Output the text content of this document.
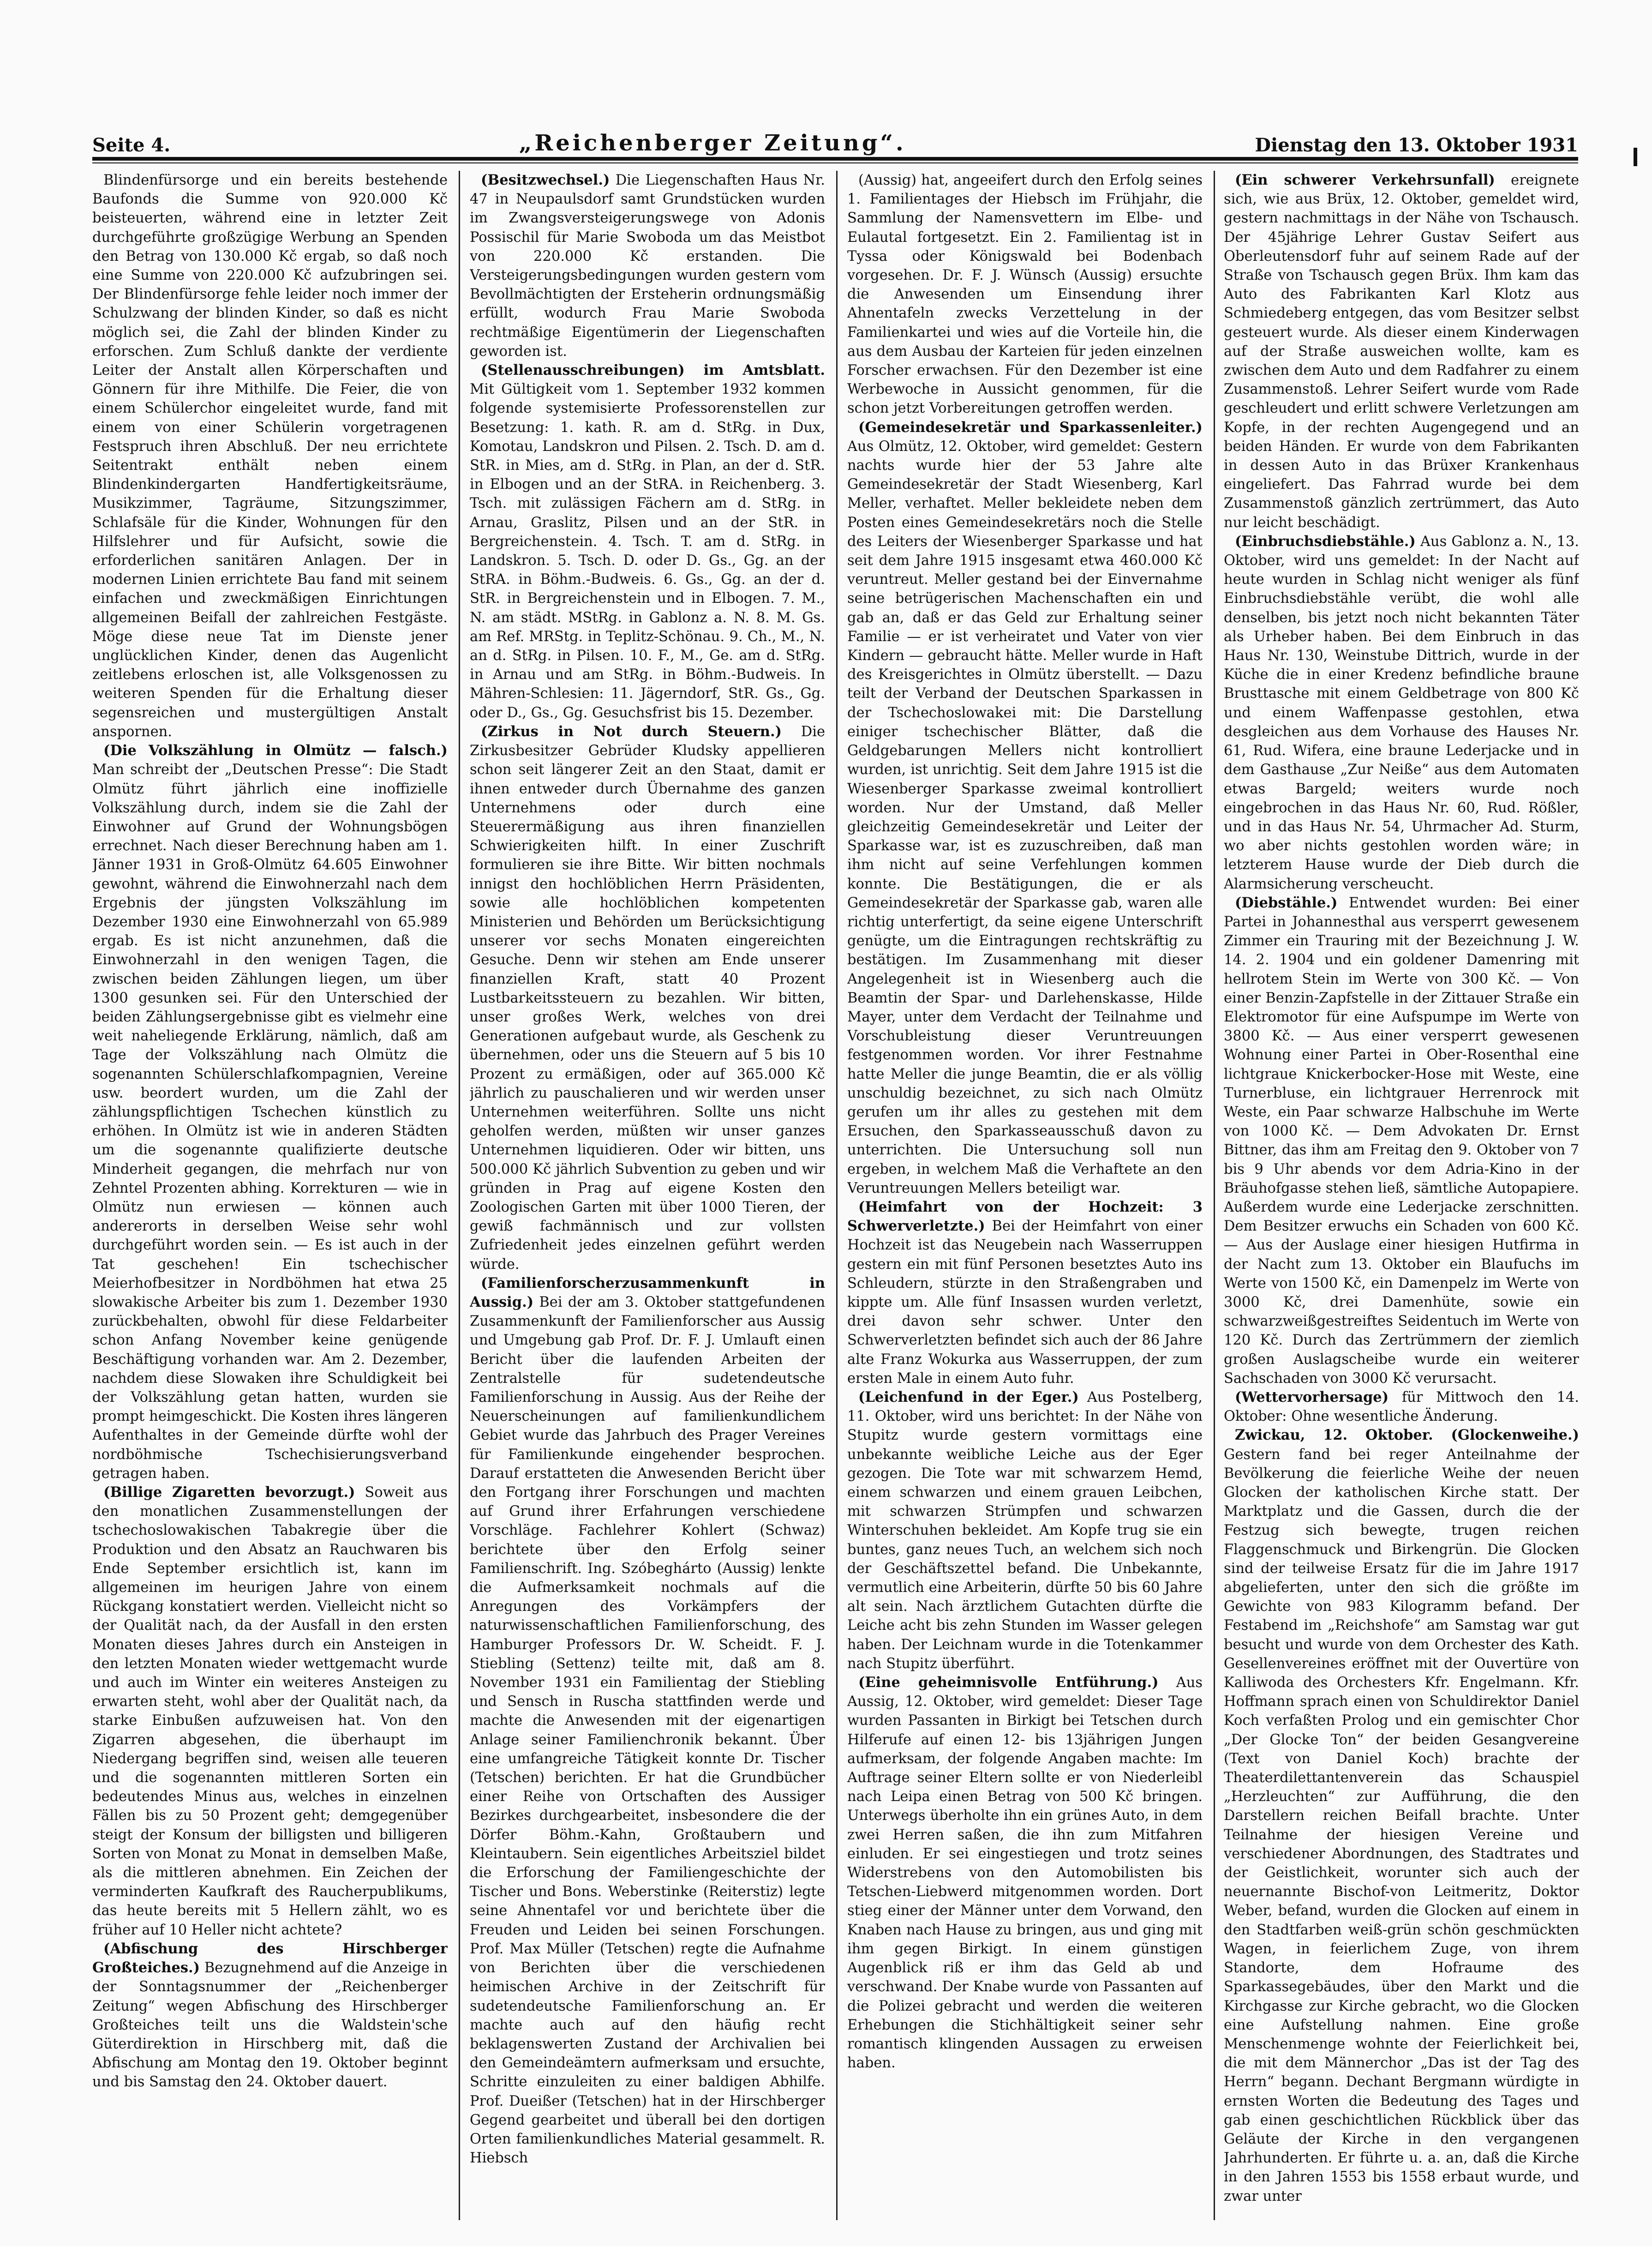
Seite 4.	„Reichenberger Zeitung“.	Dienstag den 13. Oktober 1931

Blindenfürsorge und ein bereits bestehende Baufonds die Summe von 920.000 Kč beisteuerten, während eine in letzter Zeit durchgeführte großzügige Werbung an Spenden den Betrag von 130.000 Kč ergab, so daß noch eine Summe von 220.000 Kč aufzubringen sei. Der Blindenfürsorge fehle leider noch immer der Schulzwang der blinden Kinder, so daß es nicht möglich sei, die Zahl der blinden Kinder zu erforschen. Zum Schluß dankte der verdiente Leiter der Anstalt allen Körperschaften und Gönnern für ihre Mithilfe. Die Feier, die von einem Schülerchor eingeleitet wurde, fand mit einem von einer Schülerin vorgetragenen Festspruch ihren Abschluß. Der neu errichtete Seitentrakt enthält neben einem Blindenkindergarten Handfertigkeitsräume, Musikzimmer, Tagräume, Sitzungszimmer, Schlafsäle für die Kinder, Wohnungen für den Hilfslehrer und für Aufsicht, sowie die erforderlichen sanitären Anlagen. Der in modernen Linien errichtete Bau fand mit seinem einfachen und zweckmäßigen Einrichtungen allgemeinen Beifall der zahlreichen Festgäste. Möge diese neue Tat im Dienste jener unglücklichen Kinder, denen das Augenlicht zeitlebens erloschen ist, alle Volksgenossen zu weiteren Spenden für die Erhaltung dieser segensreichen und mustergültigen Anstalt anspornen.

(Die Volkszählung in Olmütz — falsch.) Man schreibt der „Deutschen Presse“: Die Stadt Olmütz führt jährlich eine inoffizielle Volkszählung durch, indem sie die Zahl der Einwohner auf Grund der Wohnungsbögen errechnet. Nach dieser Berechnung haben am 1. Jänner 1931 in Groß-Olmütz 64.605 Einwohner gewohnt, während die Einwohnerzahl nach dem Ergebnis der jüngsten Volkszählung im Dezember 1930 eine Einwohnerzahl von 65.989 ergab. Es ist nicht anzunehmen, daß die Einwohnerzahl in den wenigen Tagen, die zwischen beiden Zählungen liegen, um über 1300 gesunken sei. Für den Unterschied der beiden Zählungsergebnisse gibt es vielmehr eine weit naheliegende Erklärung, nämlich, daß am Tage der Volkszählung nach Olmütz die sogenannten Schülerschlafkompagnien, Vereine usw. beordert wurden, um die Zahl der zählungspflichtigen Tschechen künstlich zu erhöhen. In Olmütz ist wie in anderen Städten um die sogenannte qualifizierte deutsche Minderheit gegangen, die mehrfach nur von Zehntel Prozenten abhing. Korrekturen — wie in Olmütz nun erwiesen — können auch andererorts in derselben Weise sehr wohl durchgeführt worden sein. — Es ist auch in der Tat geschehen! Ein tschechischer Meierhofbesitzer in Nordböhmen hat etwa 25 slowakische Arbeiter bis zum 1. Dezember 1930 zurückbehalten, obwohl für diese Feldarbeiter schon Anfang November keine genügende Beschäftigung vorhanden war. Am 2. Dezember, nachdem diese Slowaken ihre Schuldigkeit bei der Volkszählung getan hatten, wurden sie prompt heimgeschickt. Die Kosten ihres längeren Aufenthaltes in der Gemeinde dürfte wohl der nordböhmische Tschechisierungsverband getragen haben.

(Billige Zigaretten bevorzugt.) Soweit aus den monatlichen Zusammenstellungen der tschechoslowakischen Tabakregie über die Produktion und den Absatz an Rauchwaren bis Ende September ersichtlich ist, kann im allgemeinen im heurigen Jahre von einem Rückgang konstatiert werden. Vielleicht nicht so der Qualität nach, da der Ausfall in den ersten Monaten dieses Jahres durch ein Ansteigen in den letzten Monaten wieder wettgemacht wurde und auch im Winter ein weiteres Ansteigen zu erwarten steht, wohl aber der Qualität nach, da starke Einbußen aufzuweisen hat. Von den Zigarren abgesehen, die überhaupt im Niedergang begriffen sind, weisen alle teueren und die sogenannten mittleren Sorten ein bedeutendes Minus aus, welches in einzelnen Fällen bis zu 50 Prozent geht; demgegenüber steigt der Konsum der billigsten und billigeren Sorten von Monat zu Monat in demselben Maße, als die mittleren abnehmen. Ein Zeichen der verminderten Kaufkraft des Raucherpublikums, das heute bereits mit 5 Hellern zählt, wo es früher auf 10 Heller nicht achtete?

(Abfischung des Hirschberger Großteiches.) Bezugnehmend auf die Anzeige in der Sonntagsnummer der „Reichenberger Zeitung“ wegen Abfischung des Hirschberger Großteiches teilt uns die Waldstein'sche Güterdirektion in Hirschberg mit, daß die Abfischung am Montag den 19. Oktober beginnt und bis Samstag den 24. Oktober dauert.

(Besitzwechsel.) Die Liegenschaften Haus Nr. 47 in Neupaulsdorf samt Grundstücken wurden im Zwangsversteigerungswege von Adonis Possischil für Marie Swoboda um das Meistbot von 220.000 Kč erstanden. Die Versteigerungsbedingungen wurden gestern vom Bevollmächtigten der Ersteherin ordnungsmäßig erfüllt, wodurch Frau Marie Swoboda rechtmäßige Eigentümerin der Liegenschaften geworden ist.

(Stellenausschreibungen) im Amtsblatt. Mit Gültigkeit vom 1. September 1932 kommen folgende systemisierte Professorenstellen zur Besetzung: 1. kath. R. am d. StRg. in Dux, Komotau, Landskron und Pilsen. 2. Tsch. D. am d. StR. in Mies, am d. StRg. in Plan, an der d. StR. in Elbogen und an der StRA. in Reichenberg. 3. Tsch. mit zulässigen Fächern am d. StRg. in Arnau, Graslitz, Pilsen und an der StR. in Bergreichenstein. 4. Tsch. T. am d. StRg. in Landskron. 5. Tsch. D. oder D. Gs., Gg. an der StRA. in Böhm.-Budweis. 6. Gs., Gg. an der d. StR. in Bergreichenstein und in Elbogen. 7. M., N. am städt. MStRg. in Gablonz a. N. 8. M. Gs. am Ref. MRStg. in Teplitz-Schönau. 9. Ch., M., N. an d. StRg. in Pilsen. 10. F., M., Ge. am d. StRg. in Arnau und am StRg. in Böhm.-Budweis. In Mähren-Schlesien: 11. Jägerndorf, StR. Gs., Gg. oder D., Gs., Gg. Gesuchsfrist bis 15. Dezember.

(Zirkus in Not durch Steuern.) Die Zirkusbesitzer Gebrüder Kludsky appellieren schon seit längerer Zeit an den Staat, damit er ihnen entweder durch Übernahme des ganzen Unternehmens oder durch eine Steuerermäßigung aus ihren finanziellen Schwierigkeiten hilft. In einer Zuschrift formulieren sie ihre Bitte. Wir bitten nochmals innigst den hochlöblichen Herrn Präsidenten, sowie alle hochlöblichen kompetenten Ministerien und Behörden um Berücksichtigung unserer vor sechs Monaten eingereichten Gesuche. Denn wir stehen am Ende unserer finanziellen Kraft, statt 40 Prozent Lustbarkeitssteuern zu bezahlen. Wir bitten, unser großes Werk, welches von drei Generationen aufgebaut wurde, als Geschenk zu übernehmen, oder uns die Steuern auf 5 bis 10 Prozent zu ermäßigen, oder auf 365.000 Kč jährlich zu pauschalieren und wir werden unser Unternehmen weiterführen. Sollte uns nicht geholfen werden, müßten wir unser ganzes Unternehmen liquidieren. Oder wir bitten, uns 500.000 Kč jährlich Subvention zu geben und wir gründen in Prag auf eigene Kosten den Zoologischen Garten mit über 1000 Tieren, der gewiß fachmännisch und zur vollsten Zufriedenheit jedes einzelnen geführt werden würde.

(Familienforscherzusammenkunft in Aussig.) Bei der am 3. Oktober stattgefundenen Zusammenkunft der Familienforscher aus Aussig und Umgebung gab Prof. Dr. F. J. Umlauft einen Bericht über die laufenden Arbeiten der Zentralstelle für sudetendeutsche Familienforschung in Aussig. Aus der Reihe der Neuerscheinungen auf familienkundlichem Gebiet wurde das Jahrbuch des Prager Vereines für Familienkunde eingehender besprochen. Darauf erstatteten die Anwesenden Bericht über den Fortgang ihrer Forschungen und machten auf Grund ihrer Erfahrungen verschiedene Vorschläge. Fachlehrer Kohlert (Schwaz) berichtete über den Erfolg seiner Familienschrift. Ing. Szóbeghárto (Aussig) lenkte die Aufmerksamkeit nochmals auf die Anregungen des Vorkämpfers der naturwissenschaftlichen Familienforschung, des Hamburger Professors Dr. W. Scheidt. F. J. Stiebling (Settenz) teilte mit, daß am 8. November 1931 ein Familientag der Stiebling und Sensch in Ruscha stattfinden werde und machte die Anwesenden mit der eigenartigen Anlage seiner Familienchronik bekannt. Über eine umfangreiche Tätigkeit konnte Dr. Tischer (Tetschen) berichten. Er hat die Grundbücher einer Reihe von Ortschaften des Aussiger Bezirkes durchgearbeitet, insbesondere die der Dörfer Böhm.-Kahn, Großtaubern und Kleintaubern. Sein eigentliches Arbeitsziel bildet die Erforschung der Familiengeschichte der Tischer und Bons. Weberstinke (Reiterstiz) legte seine Ahnentafel vor und berichtete über die Freuden und Leiden bei seinen Forschungen. Prof. Max Müller (Tetschen) regte die Aufnahme von Berichten über die verschiedenen heimischen Archive in der Zeitschrift für sudetendeutsche Familienforschung an. Er machte auch auf den häufig recht beklagenswerten Zustand der Archivalien bei den Gemeindeämtern aufmerksam und ersuchte, Schritte einzuleiten zu einer baldigen Abhilfe. Prof. Dueißer (Tetschen) hat in der Hirschberger Gegend gearbeitet und überall bei den dortigen Orten familienkundliches Material gesammelt. R. Hiebsch

(Aussig) hat, angeeifert durch den Erfolg seines 1. Familientages der Hiebsch im Frühjahr, die Sammlung der Namensvettern im Elbe- und Eulautal fortgesetzt. Ein 2. Familientag ist in Tyssa oder Königswald bei Bodenbach vorgesehen. Dr. F. J. Wünsch (Aussig) ersuchte die Anwesenden um Einsendung ihrer Ahnentafeln zwecks Verzettelung in der Familienkartei und wies auf die Vorteile hin, die aus dem Ausbau der Karteien für jeden einzelnen Forscher erwachsen. Für den Dezember ist eine Werbewoche in Aussicht genommen, für die schon jetzt Vorbereitungen getroffen werden.

(Gemeindesekretär und Sparkassenleiter.) Aus Olmütz, 12. Oktober, wird gemeldet: Gestern nachts wurde hier der 53 Jahre alte Gemeindesekretär der Stadt Wiesenberg, Karl Meller, verhaftet. Meller bekleidete neben dem Posten eines Gemeindesekretärs noch die Stelle des Leiters der Wiesenberger Sparkasse und hat seit dem Jahre 1915 insgesamt etwa 460.000 Kč veruntreut. Meller gestand bei der Einvernahme seine betrügerischen Machenschaften ein und gab an, daß er das Geld zur Erhaltung seiner Familie — er ist verheiratet und Vater von vier Kindern — gebraucht hätte. Meller wurde in Haft des Kreisgerichtes in Olmütz überstellt. — Dazu teilt der Verband der Deutschen Sparkassen in der Tschechoslowakei mit: Die Darstellung einiger tschechischer Blätter, daß die Geldgebarungen Mellers nicht kontrolliert wurden, ist unrichtig. Seit dem Jahre 1915 ist die Wiesenberger Sparkasse zweimal kontrolliert worden. Nur der Umstand, daß Meller gleichzeitig Gemeindesekretär und Leiter der Sparkasse war, ist es zuzuschreiben, daß man ihm nicht auf seine Verfehlungen kommen konnte. Die Bestätigungen, die er als Gemeindesekretär der Sparkasse gab, waren alle richtig unterfertigt, da seine eigene Unterschrift genügte, um die Eintragungen rechtskräftig zu bestätigen. Im Zusammenhang mit dieser Angelegenheit ist in Wiesenberg auch die Beamtin der Spar- und Darlehenskasse, Hilde Mayer, unter dem Verdacht der Teilnahme und Vorschubleistung dieser Veruntreuungen festgenommen worden. Vor ihrer Festnahme hatte Meller die junge Beamtin, die er als völlig unschuldig bezeichnet, zu sich nach Olmütz gerufen um ihr alles zu gestehen mit dem Ersuchen, den Sparkasseausschuß davon zu unterrichten. Die Untersuchung soll nun ergeben, in welchem Maß die Verhaftete an den Veruntreuungen Mellers beteiligt war.

(Heimfahrt von der Hochzeit: 3 Schwerverletzte.) Bei der Heimfahrt von einer Hochzeit ist das Neugebein nach Wasserruppen gestern ein mit fünf Personen besetztes Auto ins Schleudern, stürzte in den Straßengraben und kippte um. Alle fünf Insassen wurden verletzt, drei davon sehr schwer. Unter den Schwerverletzten befindet sich auch der 86 Jahre alte Franz Wokurka aus Wasserruppen, der zum ersten Male in einem Auto fuhr.

(Leichenfund in der Eger.) Aus Postelberg, 11. Oktober, wird uns berichtet: In der Nähe von Stupitz wurde gestern vormittags eine unbekannte weibliche Leiche aus der Eger gezogen. Die Tote war mit schwarzem Hemd, einem schwarzen und einem grauen Leibchen, mit schwarzen Strümpfen und schwarzen Winterschuhen bekleidet. Am Kopfe trug sie ein buntes, ganz neues Tuch, an welchem sich noch der Geschäftszettel befand. Die Unbekannte, vermutlich eine Arbeiterin, dürfte 50 bis 60 Jahre alt sein. Nach ärztlichem Gutachten dürfte die Leiche acht bis zehn Stunden im Wasser gelegen haben. Der Leichnam wurde in die Totenkammer nach Stupitz überführt.

(Eine geheimnisvolle Entführung.) Aus Aussig, 12. Oktober, wird gemeldet: Dieser Tage wurden Passanten in Birkigt bei Tetschen durch Hilferufe auf einen 12- bis 13jährigen Jungen aufmerksam, der folgende Angaben machte: Im Auftrage seiner Eltern sollte er von Niederleibl nach Leipa einen Betrag von 500 Kč bringen. Unterwegs überholte ihn ein grünes Auto, in dem zwei Herren saßen, die ihn zum Mitfahren einluden. Er sei eingestiegen und trotz seines Widerstrebens von den Automobilisten bis Tetschen-Liebwerd mitgenommen worden. Dort stieg einer der Männer unter dem Vorwand, den Knaben nach Hause zu bringen, aus und ging mit ihm gegen Birkigt. In einem günstigen Augenblick riß er ihm das Geld ab und verschwand. Der Knabe wurde von Passanten auf die Polizei gebracht und werden die weiteren Erhebungen die Stichhältigkeit seiner sehr romantisch klingenden Aussagen zu erweisen haben.

(Ein schwerer Verkehrsunfall) ereignete sich, wie aus Brüx, 12. Oktober, gemeldet wird, gestern nachmittags in der Nähe von Tschausch. Der 45jährige Lehrer Gustav Seifert aus Oberleutensdorf fuhr auf seinem Rade auf der Straße von Tschausch gegen Brüx. Ihm kam das Auto des Fabrikanten Karl Klotz aus Schmiedeberg entgegen, das vom Besitzer selbst gesteuert wurde. Als dieser einem Kinderwagen auf der Straße ausweichen wollte, kam es zwischen dem Auto und dem Radfahrer zu einem Zusammenstoß. Lehrer Seifert wurde vom Rade geschleudert und erlitt schwere Verletzungen am Kopfe, in der rechten Augengegend und an beiden Händen. Er wurde von dem Fabrikanten in dessen Auto in das Brüxer Krankenhaus eingeliefert. Das Fahrrad wurde bei dem Zusammenstoß gänzlich zertrümmert, das Auto nur leicht beschädigt.

(Einbruchsdiebstähle.) Aus Gablonz a. N., 13. Oktober, wird uns gemeldet: In der Nacht auf heute wurden in Schlag nicht weniger als fünf Einbruchsdiebstähle verübt, die wohl alle denselben, bis jetzt noch nicht bekannten Täter als Urheber haben. Bei dem Einbruch in das Haus Nr. 130, Weinstube Dittrich, wurde in der Küche die in einer Kredenz befindliche braune Brusttasche mit einem Geldbetrage von 800 Kč und einem Waffenpasse gestohlen, etwa desgleichen aus dem Vorhause des Hauses Nr. 61, Rud. Wifera, eine braune Lederjacke und in dem Gasthause „Zur Neiße“ aus dem Automaten etwas Bargeld; weiters wurde noch eingebrochen in das Haus Nr. 60, Rud. Rößler, und in das Haus Nr. 54, Uhrmacher Ad. Sturm, wo aber nichts gestohlen worden wäre; in letzterem Hause wurde der Dieb durch die Alarmsicherung verscheucht.

(Diebstähle.) Entwendet wurden: Bei einer Partei in Johannesthal aus versperrt gewesenem Zimmer ein Trauring mit der Bezeichnung J. W. 14. 2. 1904 und ein goldener Damenring mit hellrotem Stein im Werte von 300 Kč. — Von einer Benzin-Zapfstelle in der Zittauer Straße ein Elektromotor für eine Aufspumpe im Werte von 3800 Kč. — Aus einer versperrt gewesenen Wohnung einer Partei in Ober-Rosenthal eine lichtgraue Knickerbocker-Hose mit Weste, eine Turnerbluse, ein lichtgrauer Herrenrock mit Weste, ein Paar schwarze Halbschuhe im Werte von 1000 Kč. — Dem Advokaten Dr. Ernst Bittner, das ihm am Freitag den 9. Oktober von 7 bis 9 Uhr abends vor dem Adria-Kino in der Bräuhofgasse stehen ließ, sämtliche Autopapiere. Außerdem wurde eine Lederjacke zerschnitten. Dem Besitzer erwuchs ein Schaden von 600 Kč. — Aus der Auslage einer hiesigen Hutfirma in der Nacht zum 13. Oktober ein Blaufuchs im Werte von 1500 Kč, ein Damenpelz im Werte von 3000 Kč, drei Damenhüte, sowie ein schwarzweißgestreiftes Seidentuch im Werte von 120 Kč. Durch das Zertrümmern der ziemlich großen Auslagscheibe wurde ein weiterer Sachschaden von 3000 Kč verursacht.

(Wettervorhersage) für Mittwoch den 14. Oktober: Ohne wesentliche Änderung.

Zwickau, 12. Oktober. (Glockenweihe.) Gestern fand bei reger Anteilnahme der Bevölkerung die feierliche Weihe der neuen Glocken der katholischen Kirche statt. Der Marktplatz und die Gassen, durch die der Festzug sich bewegte, trugen reichen Flaggenschmuck und Birkengrün. Die Glocken sind der teilweise Ersatz für die im Jahre 1917 abgelieferten, unter den sich die größte im Gewichte von 983 Kilogramm befand. Der Festabend im „Reichshofe“ am Samstag war gut besucht und wurde von dem Orchester des Kath. Gesellenvereines eröffnet mit der Ouvertüre von Kalliwoda des Orchesters Kfr. Engelmann. Kfr. Hoffmann sprach einen von Schuldirektor Daniel Koch verfaßten Prolog und ein gemischter Chor „Der Glocke Ton“ der beiden Gesangvereine (Text von Daniel Koch) brachte der Theaterdilettantenverein das Schauspiel „Herzleuchten“ zur Aufführung, die den Darstellern reichen Beifall brachte. Unter Teilnahme der hiesigen Vereine und verschiedener Abordnungen, des Stadtrates und der Geistlichkeit, worunter sich auch der neuernannte Bischof-von Leitmeritz, Doktor Weber, befand, wurden die Glocken auf einem in den Stadtfarben weiß-grün schön geschmückten Wagen, in feierlichem Zuge, von ihrem Standorte, dem Hofraume des Sparkassegebäudes, über den Markt und die Kirchgasse zur Kirche gebracht, wo die Glocken eine Aufstellung nahmen. Eine große Menschenmenge wohnte der Feierlichkeit bei, die mit dem Männerchor „Das ist der Tag des Herrn“ begann. Dechant Bergmann würdigte in ernsten Worten die Bedeutung des Tages und gab einen geschichtlichen Rückblick über das Geläute der Kirche in den vergangenen Jahrhunderten. Er führte u. a. an, daß die Kirche in den Jahren 1553 bis 1558 erbaut wurde, und zwar unter
